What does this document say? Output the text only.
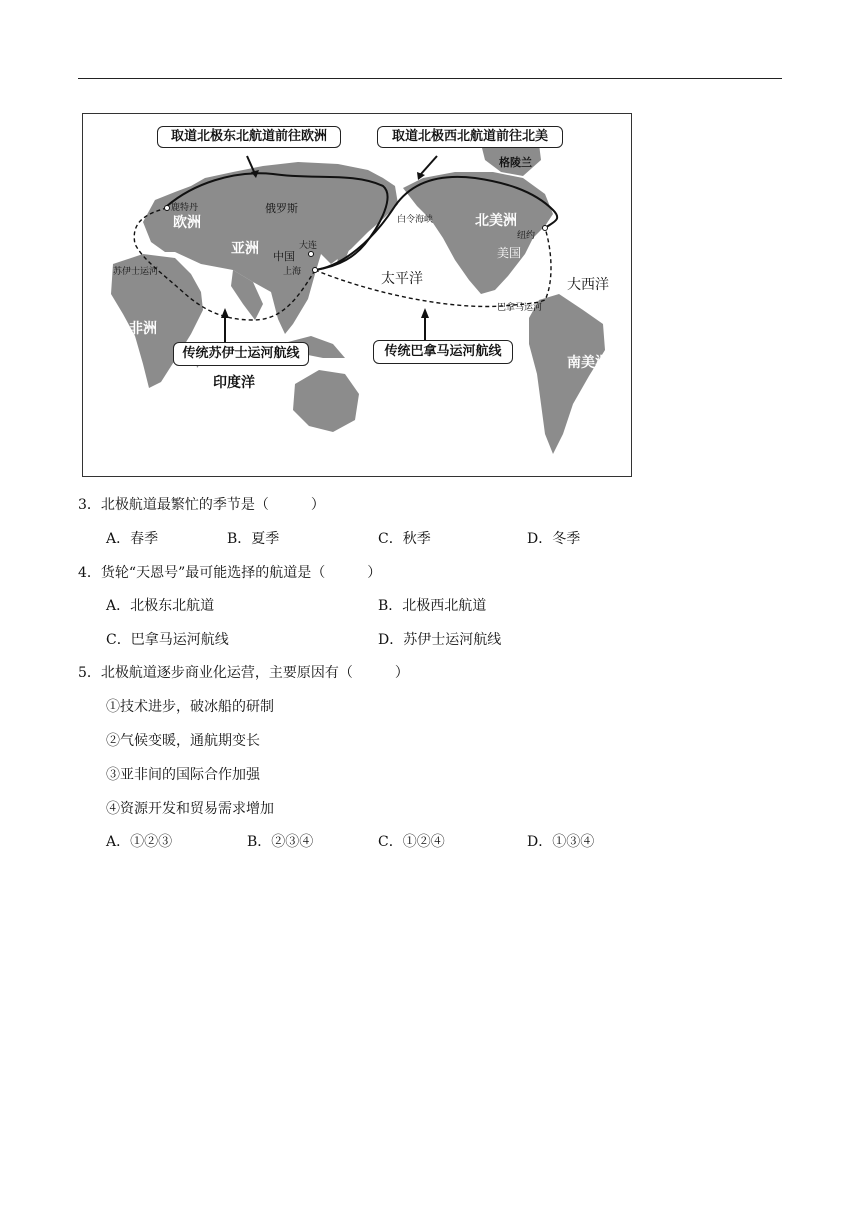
取道北极东北航道前往欧洲	取道北极西北航道前往北美
传统苏伊士运河航线	传统巴拿马运河航线
鹿特丹
欧洲
俄罗斯
亚洲 中国
大连
上海
苏伊士运河
非洲
印度洋
太平洋
白令海峡	北美洲
美国
纽约
格陵兰
大西洋
巴拿马运河
南美洲
3．北极航道最繁忙的季节是（　　　）
A．春季	B．夏季	C．秋季	D．冬季
4．货轮“天恩号”最可能选择的航道是（　　　）
A．北极东北航道	B．北极西北航道
C．巴拿马运河航线	D．苏伊士运河航线
5．北极航道逐步商业化运营，主要原因有（　　　）
①技术进步，破冰船的研制
②气候变暖，通航期变长
③亚非间的国际合作加强
④资源开发和贸易需求增加
A．①②③	B．②③④	C．①②④	D．①③④
